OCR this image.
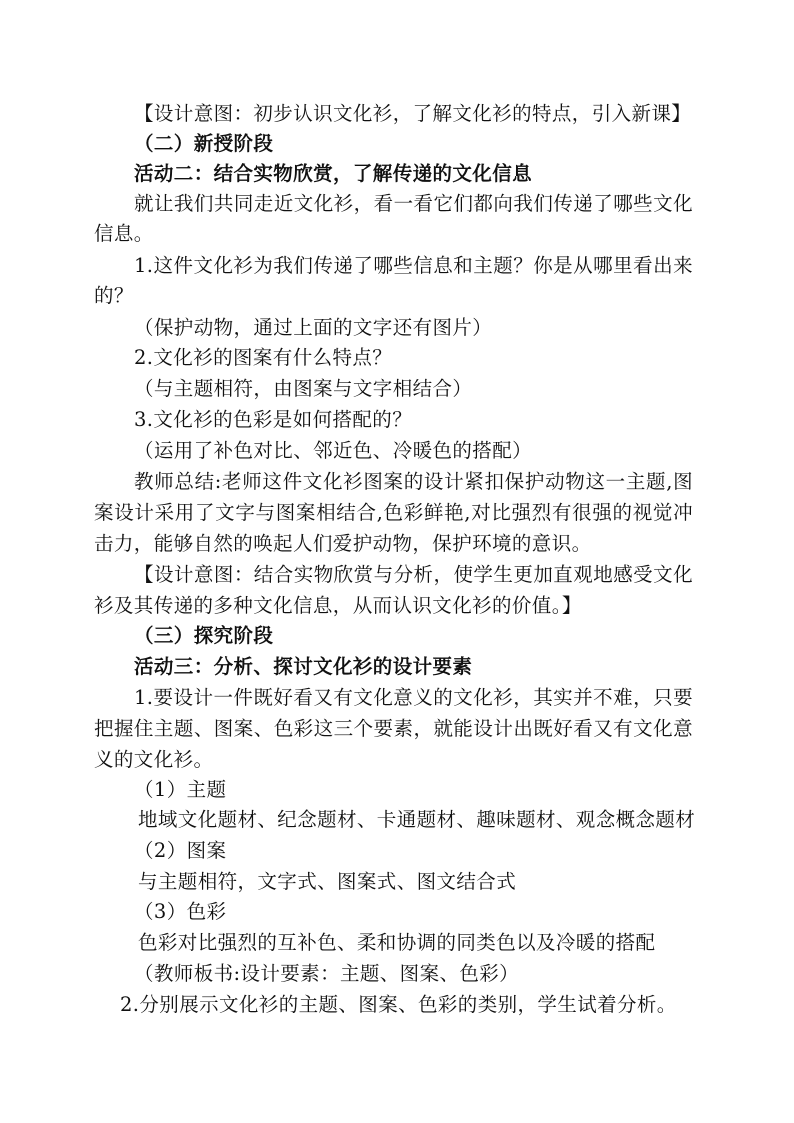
【设计意图：初步认识文化衫，了解文化衫的特点，引入新课】
（二）新授阶段
活动二：结合实物欣赏，了解传递的文化信息
就让我们共同走近文化衫，看一看它们都向我们传递了哪些文化
信息。
1.这件文化衫为我们传递了哪些信息和主题？你是从哪里看出来
的？
（保护动物，通过上面的文字还有图片）
2.文化衫的图案有什么特点？
（与主题相符，由图案与文字相结合）
3.文化衫的色彩是如何搭配的？
（运用了补色对比、邻近色、冷暖色的搭配）
教师总结:老师这件文化衫图案的设计紧扣保护动物这一主题,图
案设计采用了文字与图案相结合,色彩鲜艳,对比强烈有很强的视觉冲
击力，能够自然的唤起人们爱护动物，保护环境的意识。
【设计意图：结合实物欣赏与分析，使学生更加直观地感受文化
衫及其传递的多种文化信息，从而认识文化衫的价值。】
（三）探究阶段
活动三：分析、探讨文化衫的设计要素
1.要设计一件既好看又有文化意义的文化衫，其实并不难，只要
把握住主题、图案、色彩这三个要素，就能设计出既好看又有文化意
义的文化衫。
（1）主题
地域文化题材、纪念题材、卡通题材、趣味题材、观念概念题材
（2）图案
与主题相符，文字式、图案式、图文结合式
（3）色彩
色彩对比强烈的互补色、柔和协调的同类色以及冷暖的搭配
（教师板书:设计要素：主题、图案、色彩）
2.分别展示文化衫的主题、图案、色彩的类别，学生试着分析。
